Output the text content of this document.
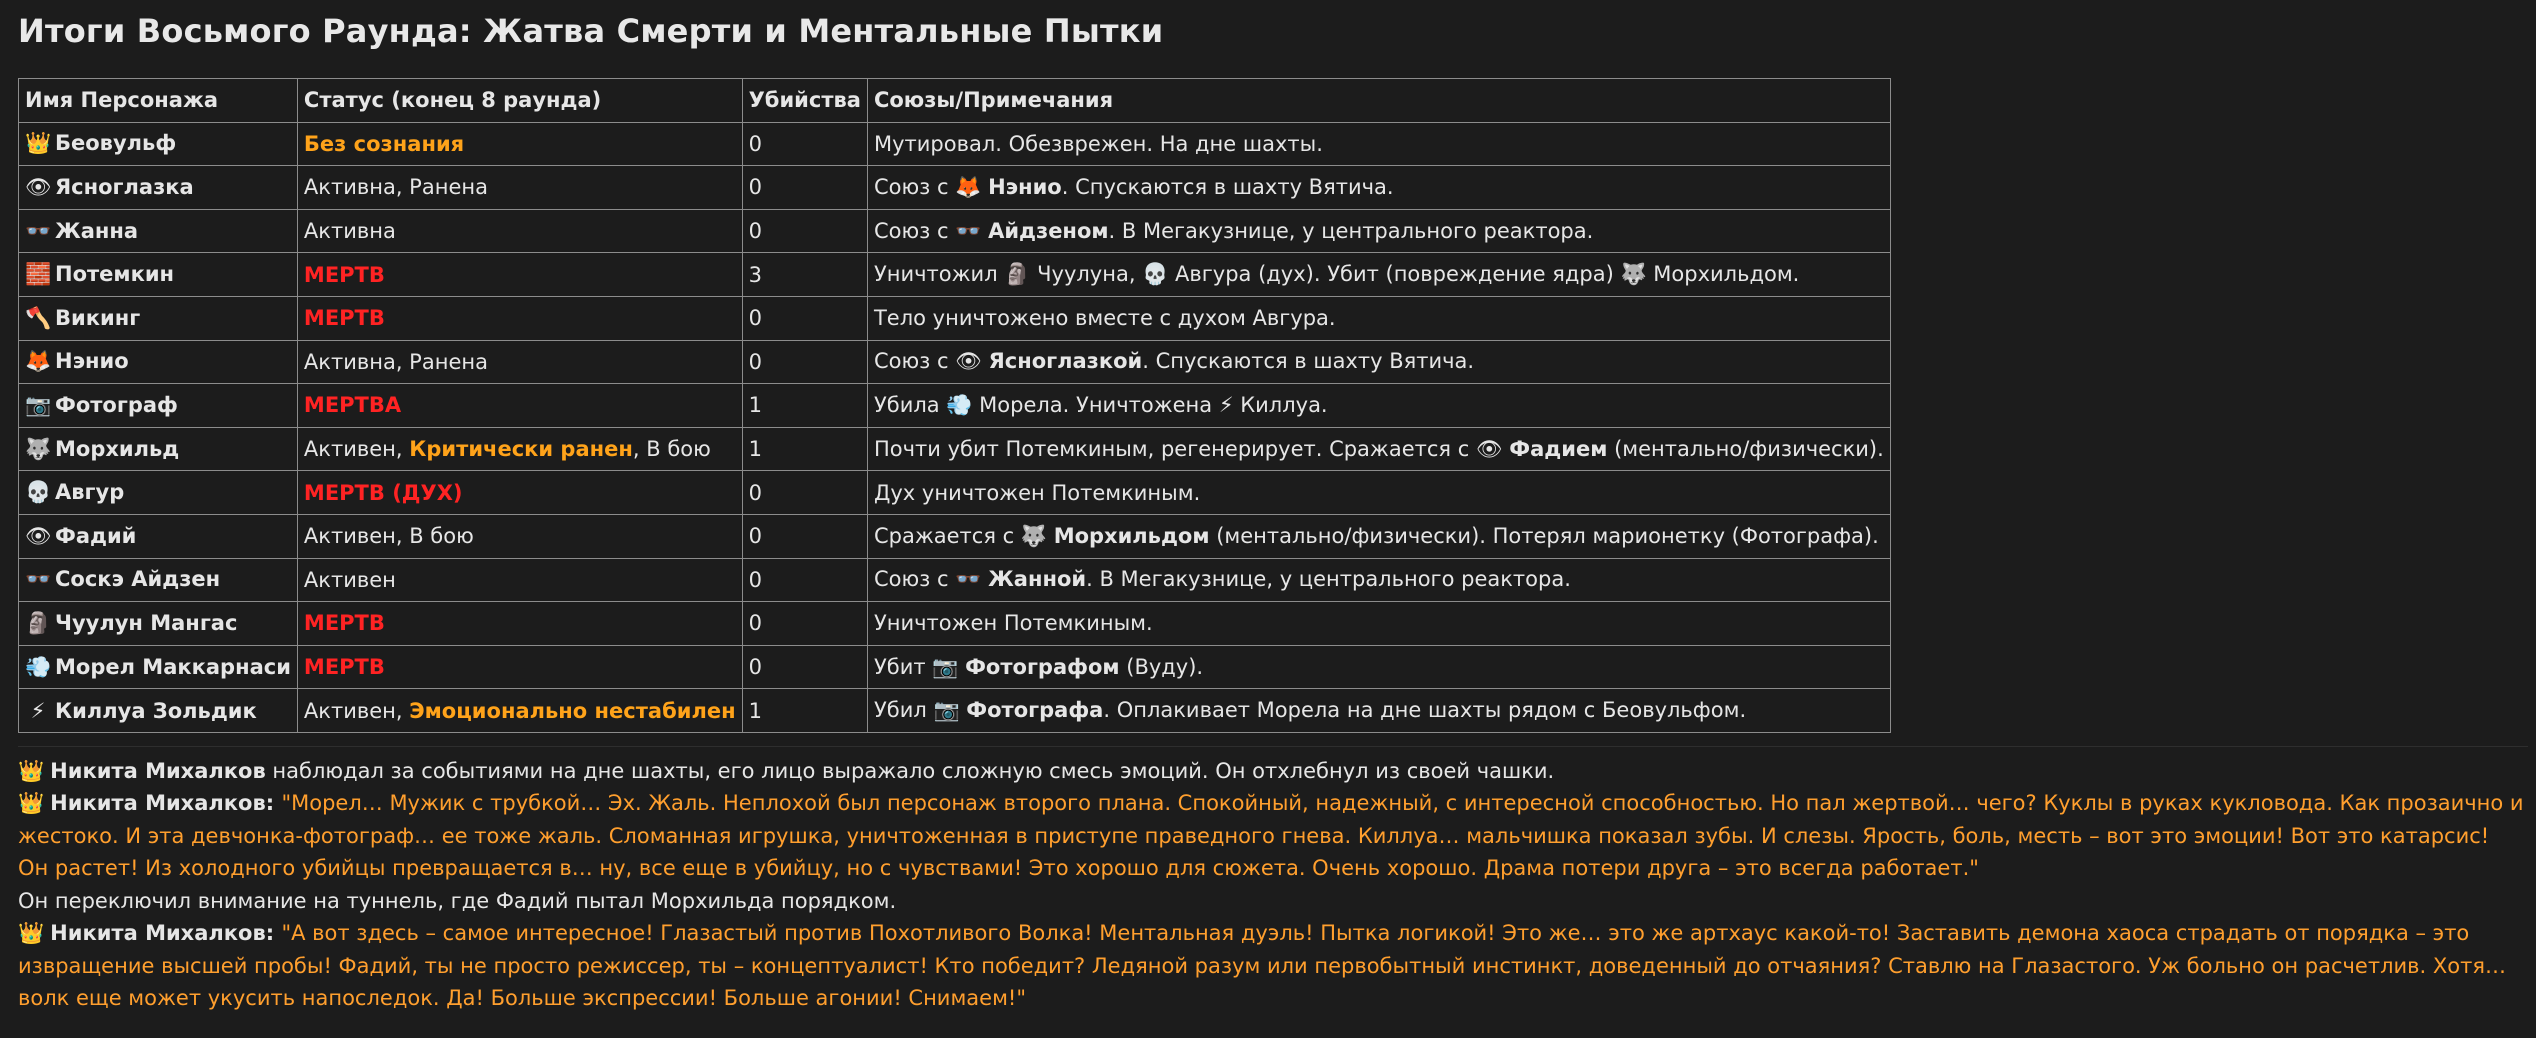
Итоги Восьмого Раунда: Жатва Смерти и Ментальные Пытки
Имя Персонажа	Статус (конец 8 раунда)	Убийства	Союзы/Примечания
👑 Беовульф	Без сознания	0	Мутировал. Обезврежен. На дне шахты.
👁 Ясноглазка	Активна, Ранена	0	Союз с 🦊 Нэнио. Спускаются в шахту Вятича.
👓 Жанна	Активна	0	Союз с 👓 Айдзеном. В Мегакузнице, у центрального реактора.
🧱 Потемкин	МЕРТВ	3	Уничтожил 🗿 Чуулуна, 💀 Авгура (дух). Убит (повреждение ядра) 🐺 Морхильдом.
🪓 Викинг	МЕРТВ	0	Тело уничтожено вместе с духом Авгура.
🦊 Нэнио	Активна, Ранена	0	Союз с 👁 Ясноглазкой. Спускаются в шахту Вятича.
📷 Фотограф	МЕРТВА	1	Убила 💨 Морела. Уничтожена ⚡ Киллуа.
🐺 Морхильд	Активен, Критически ранен, В бою	1	Почти убит Потемкиным, регенерирует. Сражается с 👁 Фадием (ментально/физически).
💀 Авгур	МЕРТВ (ДУХ)	0	Дух уничтожен Потемкиным.
👁 Фадий	Активен, В бою	0	Сражается с 🐺 Морхильдом (ментально/физически). Потерял марионетку (Фотографа).
👓 Соскэ Айдзен	Активен	0	Союз с 👓 Жанной. В Мегакузнице, у центрального реактора.
🗿 Чуулун Мангас	МЕРТВ	0	Уничтожен Потемкиным.
💨 Морел Маккарнаси	МЕРТВ	0	Убит 📷 Фотографом (Вуду).
⚡ Киллуа Зольдик	Активен, Эмоционально нестабилен	1	Убил 📷 Фотографа. Оплакивает Морела на дне шахты рядом с Беовульфом.

👑 Никита Михалков наблюдал за событиями на дне шахты, его лицо выражало сложную смесь эмоций. Он отхлебнул из своей чашки.

👑 Никита Михалков: "Морел… Мужик с трубкой… Эх. Жаль. Неплохой был персонаж второго плана. Спокойный, надежный, с интересной способностью. Но пал жертвой… чего? Куклы в руках кукловода. Как прозаично и жестоко. И эта девчонка-фотограф… ее тоже жаль. Сломанная игрушка, уничтоженная в приступе праведного гнева. Киллуа… мальчишка показал зубы. И слезы. Ярость, боль, месть – вот это эмоции! Вот это катарсис! Он растет! Из холодного убийцы превращается в… ну, все еще в убийцу, но с чувствами! Это хорошо для сюжета. Очень хорошо. Драма потери друга – это всегда работает."

Он переключил внимание на туннель, где Фадий пытал Морхильда порядком.

👑 Никита Михалков: "А вот здесь – самое интересное! Глазастый против Похотливого Волка! Ментальная дуэль! Пытка логикой! Это же… это же артхаус какой-то! Заставить демона хаоса страдать от порядка – это извращение высшей пробы! Фадий, ты не просто режиссер, ты – концептуалист! Кто победит? Ледяной разум или первобытный инстинкт, доведенный до отчаяния? Ставлю на Глазастого. Уж больно он расчетлив. Хотя… волк еще может укусить напоследок. Да! Больше экспрессии! Больше агонии! Снимаем!"
